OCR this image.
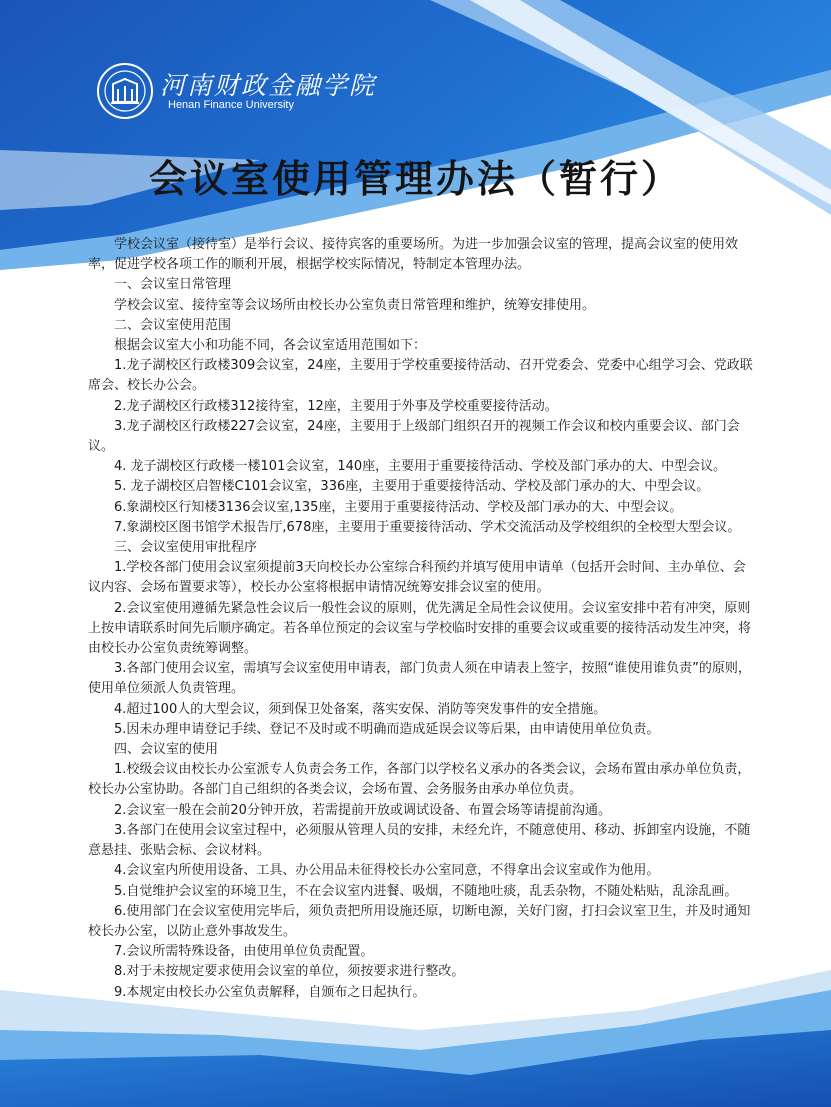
河南财政金融学院
Henan Finance University
会议室使用管理办法（暂行）

学校会议室（接待室）是举行会议、接待宾客的重要场所。为进一步加强会议室的管理，提高会议室的使用效率，促进学校各项工作的顺利开展，根据学校实际情况，特制定本管理办法。

一、会议室日常管理

学校会议室、接待室等会议场所由校长办公室负责日常管理和维护，统筹安排使用。

二、会议室使用范围

根据会议室大小和功能不同，各会议室适用范围如下：

1.龙子湖校区行政楼309会议室，24座，主要用于学校重要接待活动、召开党委会、党委中心组学习会、党政联席会、校长办公会。

2.龙子湖校区行政楼312接待室，12座，主要用于外事及学校重要接待活动。

3.龙子湖校区行政楼227会议室，24座，主要用于上级部门组织召开的视频工作会议和校内重要会议、部门会议。

4. 龙子湖校区行政楼一楼101会议室，140座，主要用于重要接待活动、学校及部门承办的大、中型会议。

5. 龙子湖校区启智楼C101会议室，336座，主要用于重要接待活动、学校及部门承办的大、中型会议。

6.象湖校区行知楼3136会议室,135座，主要用于重要接待活动、学校及部门承办的大、中型会议。

7.象湖校区图书馆学术报告厅,678座，主要用于重要接待活动、学术交流活动及学校组织的全校型大型会议。

三、会议室使用审批程序

1.学校各部门使用会议室须提前3天向校长办公室综合科预约并填写使用申请单（包括开会时间、主办单位、会议内容、会场布置要求等），校长办公室将根据申请情况统筹安排会议室的使用。

2.会议室使用遵循先紧急性会议后一般性会议的原则，优先满足全局性会议使用。会议室安排中若有冲突，原则上按申请联系时间先后顺序确定。若各单位预定的会议室与学校临时安排的重要会议或重要的接待活动发生冲突，将由校长办公室负责统筹调整。

3.各部门使用会议室，需填写会议室使用申请表，部门负责人须在申请表上签字，按照“谁使用谁负责”的原则，使用单位须派人负责管理。

4.超过100人的大型会议，须到保卫处备案，落实安保、消防等突发事件的安全措施。

5.因未办理申请登记手续、登记不及时或不明确而造成延误会议等后果，由申请使用单位负责。

四、会议室的使用

1.校级会议由校长办公室派专人负责会务工作，各部门以学校名义承办的各类会议，会场布置由承办单位负责，校长办公室协助。各部门自己组织的各类会议，会场布置、会务服务由承办单位负责。

2.会议室一般在会前20分钟开放，若需提前开放或调试设备、布置会场等请提前沟通。

3.各部门在使用会议室过程中，必须服从管理人员的安排，未经允许，不随意使用、移动、拆卸室内设施，不随意悬挂、张贴会标、会议材料。

4.会议室内所使用设备、工具、办公用品未征得校长办公室同意，不得拿出会议室或作为他用。

5.自觉维护会议室的环境卫生，不在会议室内进餐、吸烟，不随地吐痰，乱丢杂物，不随处粘贴，乱涂乱画。

6.使用部门在会议室使用完毕后，须负责把所用设施还原，切断电源，关好门窗，打扫会议室卫生，并及时通知校长办公室，以防止意外事故发生。

7.会议所需特殊设备，由使用单位负责配置。

8.对于未按规定要求使用会议室的单位，须按要求进行整改。

9.本规定由校长办公室负责解释，自颁布之日起执行。
